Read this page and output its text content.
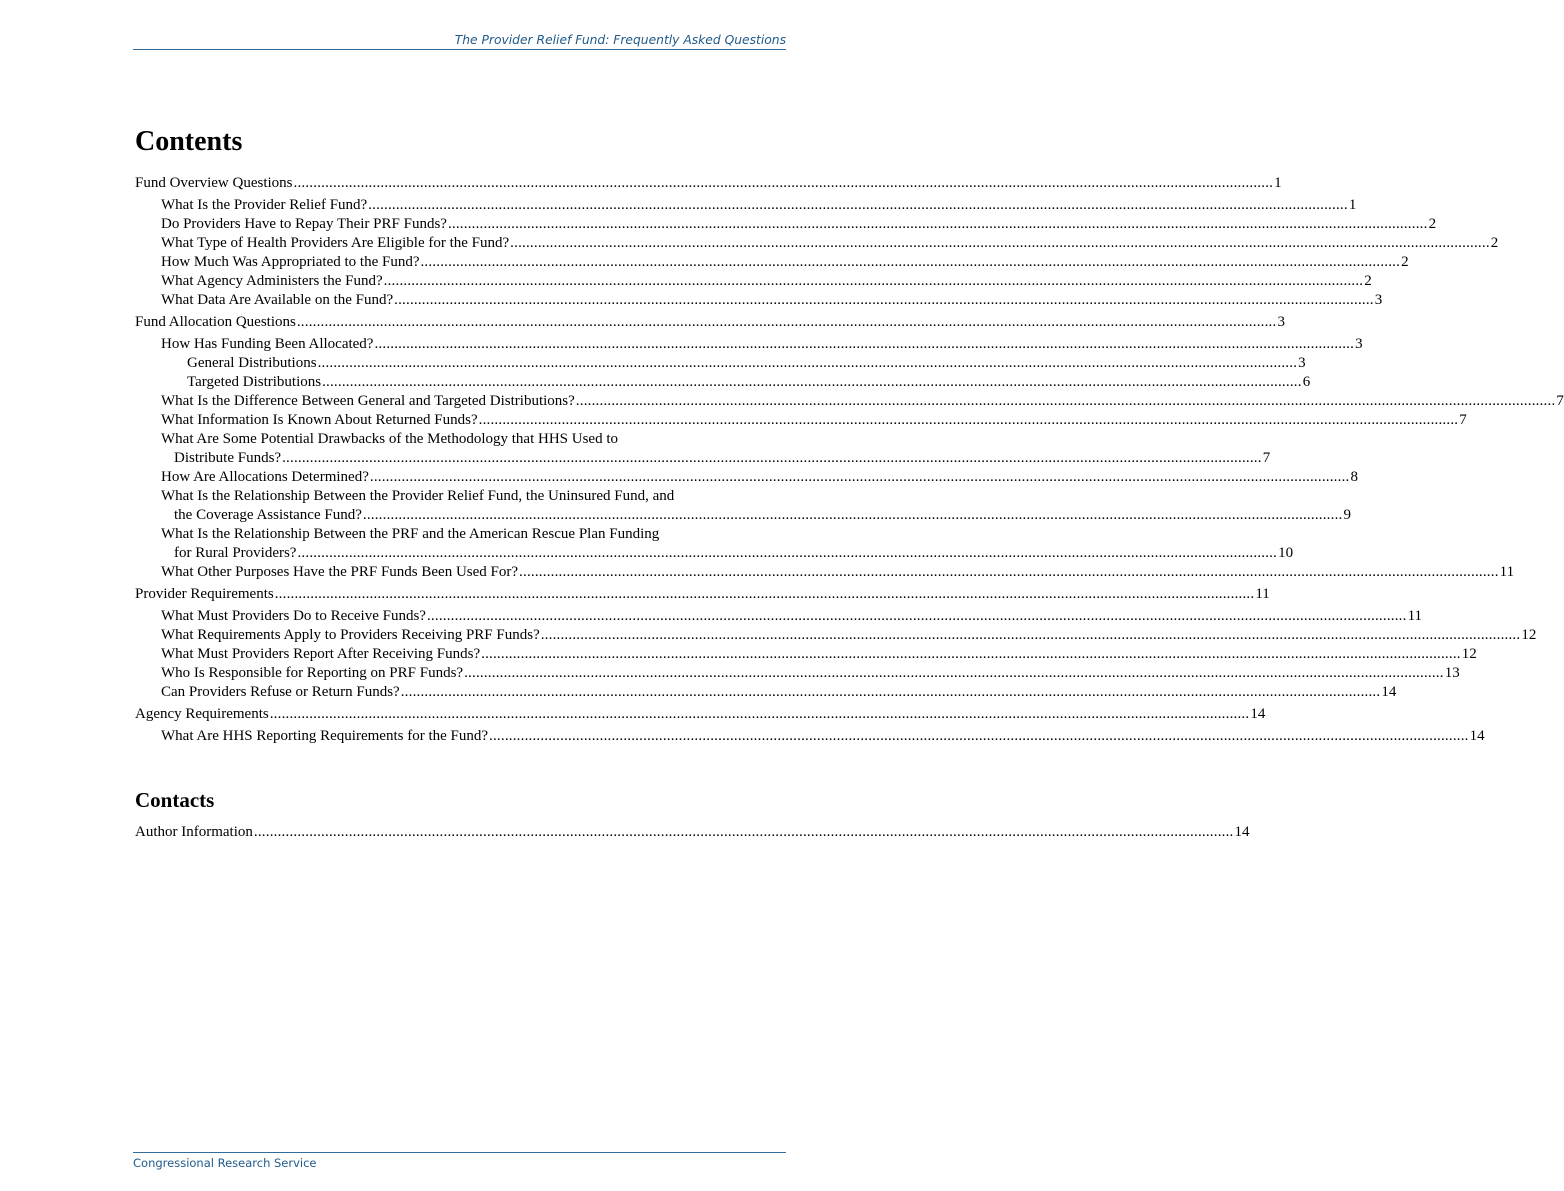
The Provider Relief Fund: Frequently Asked Questions
Contents
Fund Overview Questions .....	1
What Is the Provider Relief Fund? .....	1
Do Providers Have to Repay Their PRF Funds? .....	2
What Type of Health Providers Are Eligible for the Fund? .....	2
How Much Was Appropriated to the Fund? .....	2
What Agency Administers the Fund? .....	2
What Data Are Available on the Fund? .....	3
Fund Allocation Questions .....	3
How Has Funding Been Allocated? .....	3
General Distributions .....	3
Targeted Distributions .....	6
What Is the Difference Between General and Targeted Distributions? .....	7
What Information Is Known About Returned Funds? .....	7
What Are Some Potential Drawbacks of the Methodology that HHS Used to
Distribute Funds? .....	7
How Are Allocations Determined? .....	8
What Is the Relationship Between the Provider Relief Fund, the Uninsured Fund, and
the Coverage Assistance Fund? .....	9
What Is the Relationship Between the PRF and the American Rescue Plan Funding
for Rural Providers? .....	10
What Other Purposes Have the PRF Funds Been Used For? .....	11
Provider Requirements .....	11
What Must Providers Do to Receive Funds? .....	11
What Requirements Apply to Providers Receiving PRF Funds? .....	12
What Must Providers Report After Receiving Funds? .....	12
Who Is Responsible for Reporting on PRF Funds? .....	13
Can Providers Refuse or Return Funds? .....	14
Agency Requirements .....	14
What Are HHS Reporting Requirements for the Fund? .....	14
Contacts
Author Information .....	14
Congressional Research Service
